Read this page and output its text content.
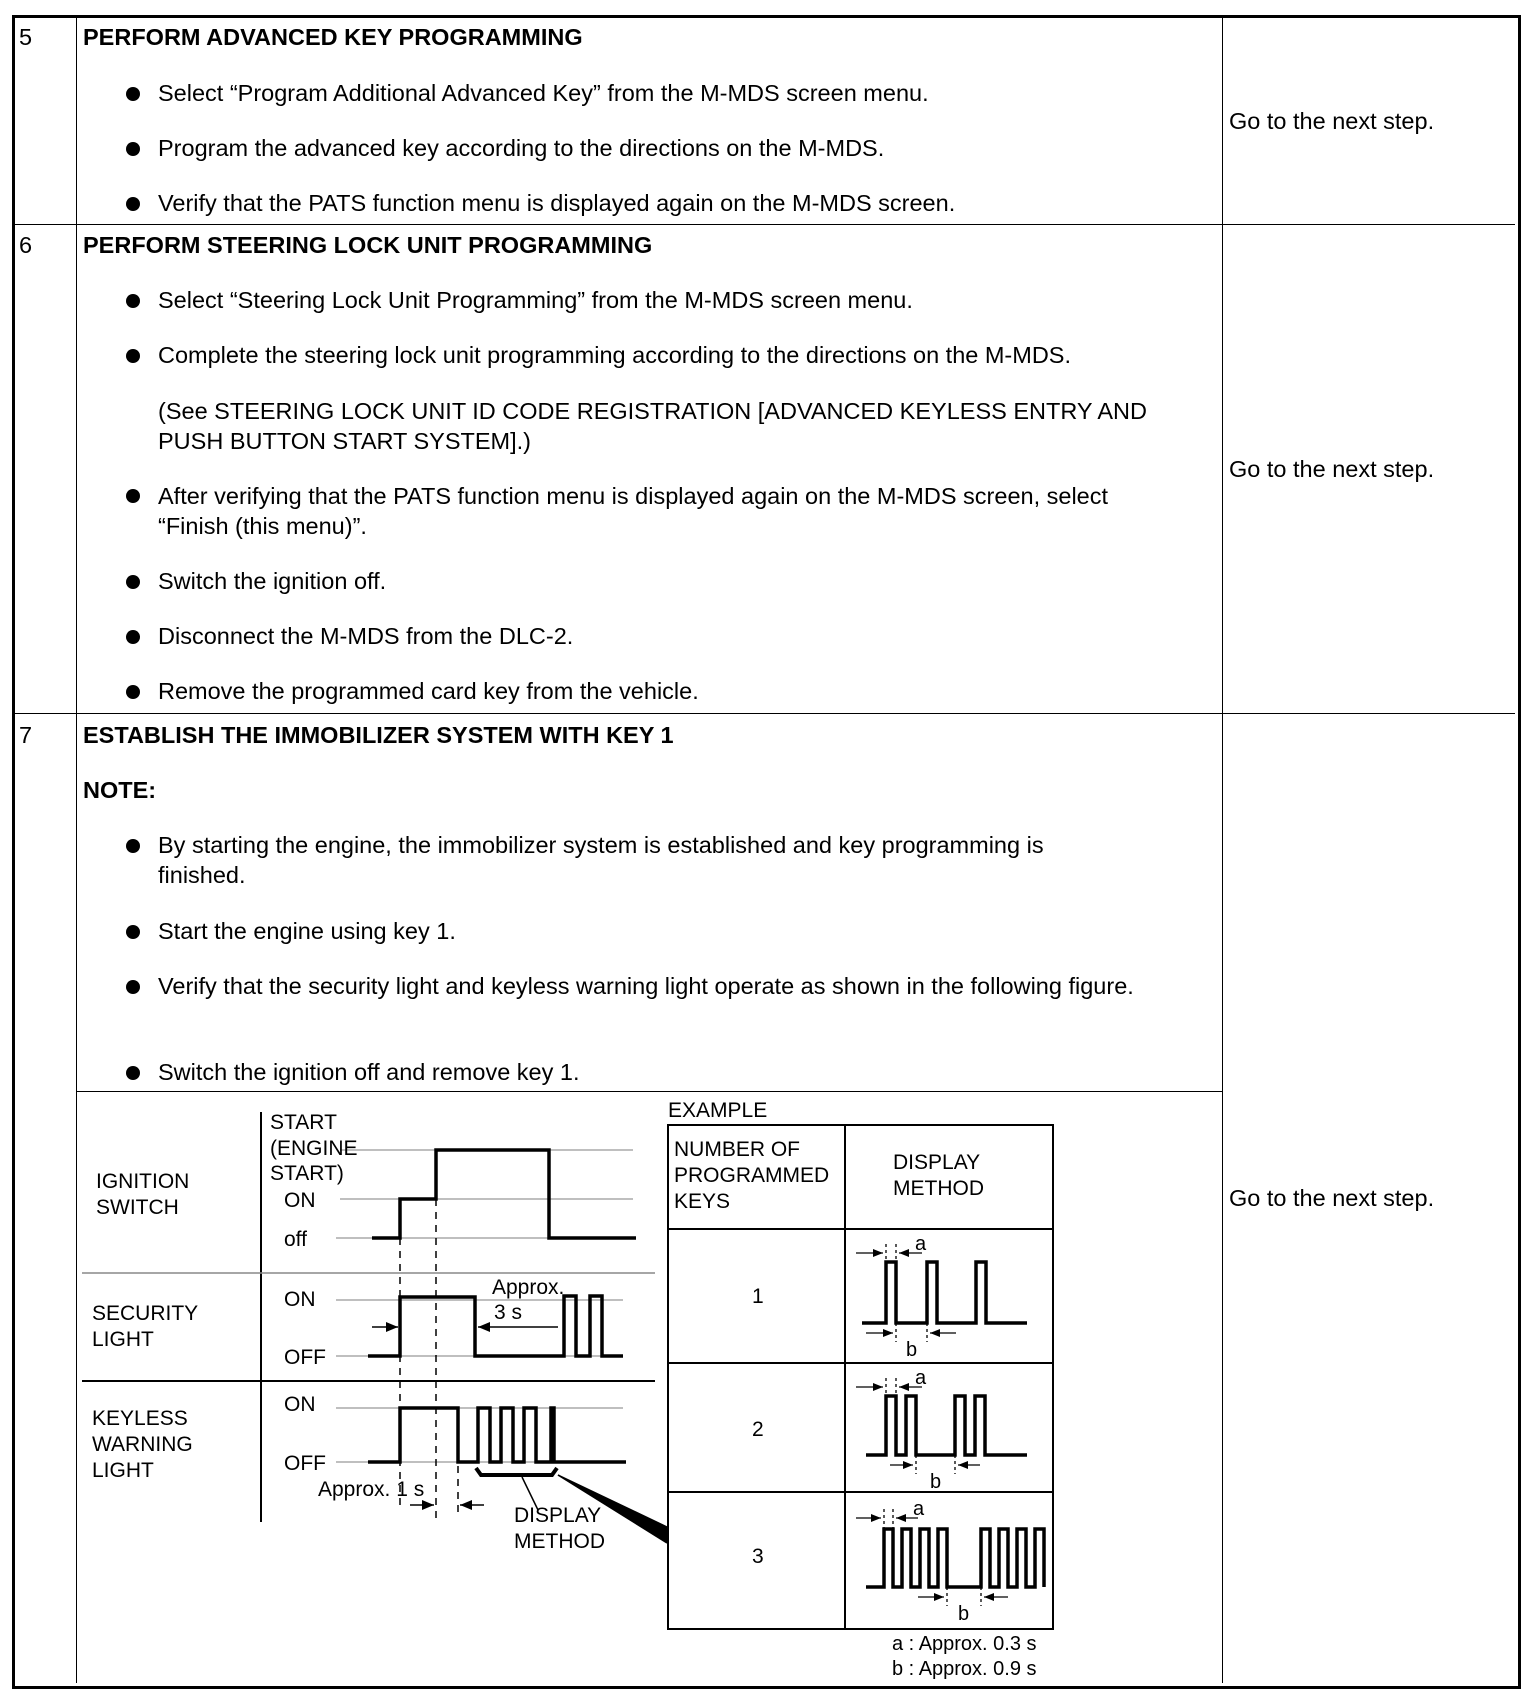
5 PERFORM ADVANCED KEY PROGRAMMING
Select “Program Additional Advanced Key” from the M-MDS screen menu.
Program the advanced key according to the directions on the M-MDS.
Verify that the PATS function menu is displayed again on the M-MDS screen.
Go to the next step.
6 PERFORM STEERING LOCK UNIT PROGRAMMING
Select “Steering Lock Unit Programming” from the M-MDS screen menu.
Complete the steering lock unit programming according to the directions on the M-MDS.
(See STEERING LOCK UNIT ID CODE REGISTRATION [ADVANCED KEYLESS ENTRY AND PUSH BUTTON START SYSTEM].)
After verifying that the PATS function menu is displayed again on the M-MDS screen, select “Finish (this menu)”.
Switch the ignition off.
Disconnect the M-MDS from the DLC-2.
Remove the programmed card key from the vehicle.
Go to the next step.
7 ESTABLISH THE IMMOBILIZER SYSTEM WITH KEY 1
NOTE:
By starting the engine, the immobilizer system is established and key programming is finished.
Start the engine using key 1.
Verify that the security light and keyless warning light operate as shown in the following figure.
Switch the ignition off and remove key 1.
Go to the next step.
IGNITION
SWITCH
START
(ENGINE
START)
ON
off
SECURITY
LIGHT
ON
OFF
Approx.
3 s
KEYLESS
WARNING
LIGHT
ON
OFF
Approx. 1 s
DISPLAY
METHOD
EXAMPLE
NUMBER OF
PROGRAMMED
KEYS
DISPLAY
METHOD
1
2
3
a
b
a
b
a
b
a : Approx. 0.3 s
b : Approx. 0.9 s
